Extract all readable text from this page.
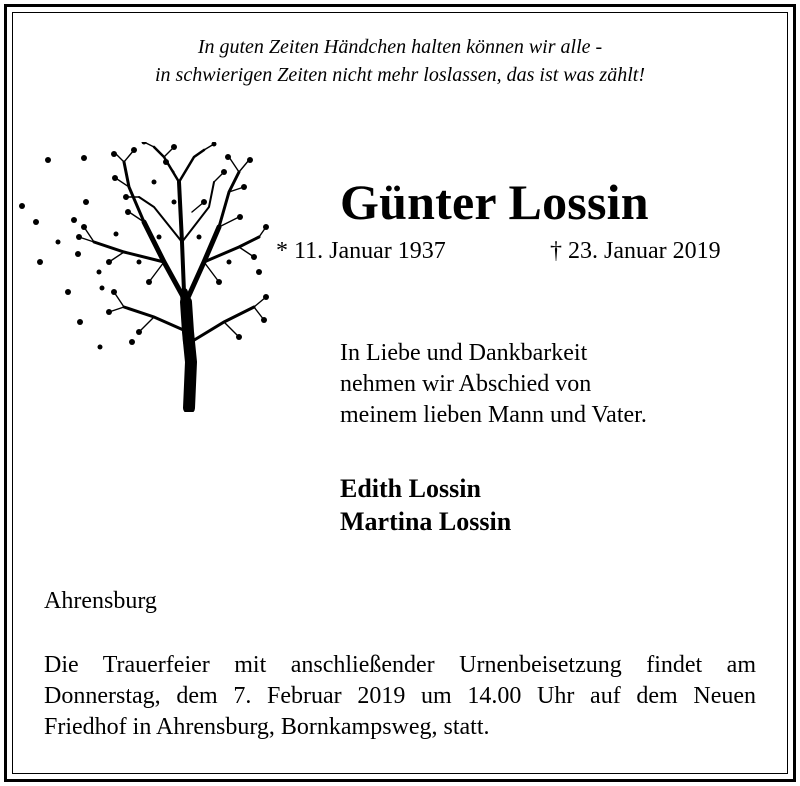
In guten Zeiten Händchen halten können wir alle -
in schwierigen Zeiten nicht mehr loslassen, das ist was zählt!
Günter Lossin
* 11. Januar 1937	† 23. Januar 2019
In Liebe und Dankbarkeit
nehmen wir Abschied von
meinem lieben Mann und Vater.
Edith Lossin
Martina Lossin
Ahrensburg
Die Trauerfeier mit anschließender Urnenbeisetzung findet am
Donnerstag, dem 7. Februar 2019 um 14.00 Uhr auf dem Neuen
Friedhof in Ahrensburg, Bornkampsweg, statt.
